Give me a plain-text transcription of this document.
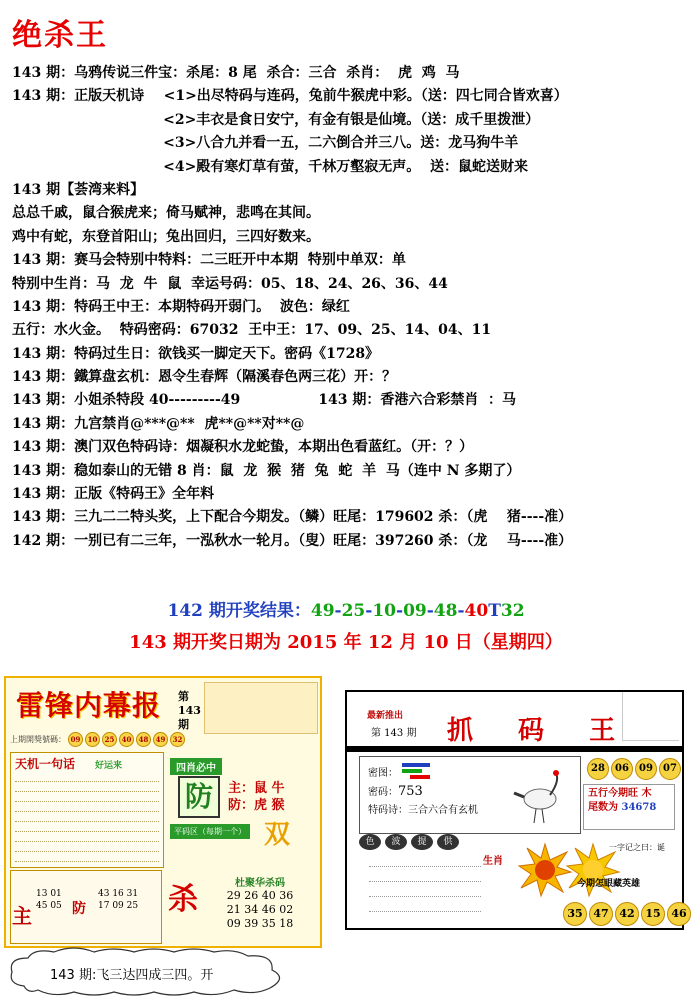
绝杀王
143 期：乌鸦传说三件宝：杀尾：8 尾  杀合：三合  杀肖：  虎  鸡  马
143 期：正版天机诗    <1>出尽特码与连码，兔前牛猴虎中彩。（送：四七同合皆欢喜）
<2>丰衣是食日安宁，有金有银是仙境。（送：成千里拨泄）
<3>八合九并看一五，二六倒合并三八。送：龙马狗牛羊
<4>殿有寒灯草有萤，千林万壑寂无声。  送：鼠蛇送财来
143 期【荟湾来料】
总总千戚，鼠合猴虎来；倚马赋神，悲鸣在其间。
鸡中有蛇，东登首阳山；兔出回归，三四好数来。
143 期：赛马会特别中特料：二三旺开中本期  特别中单双：单
特别中生肖：马  龙  牛  鼠  幸运号码：05、18、24、26、36、44
143 期：特码王中王：本期特码开弱门。  波色：绿红
五行：水火金。  特码密码：67032  王中王：17、09、25、14、04、11
143 期：特码过生日：欲钱买一脚定天下。密码《1728》
143 期：鐵算盘玄机：恩令生春辉（隔溪春色两三花）开：？
143 期：小姐杀特段 40---------49                143 期：香港六合彩禁肖  ：马
143 期：九宫禁肖@***@**  虎**@**对**@
143 期：澳门双色特码诗：烟凝积水龙蛇蛰，本期出色看蓝红。（开：？）
143 期：稳如泰山的无错 8 肖：鼠  龙  猴  猪  兔  蛇  羊  马（连中 N 多期了）
143 期：正版《特码王》全年料
143 期：三九二二特头奖，上下配合今期发。（鳞）旺尾：179602 杀：（虎    猪----准）
142 期：一别已有二三年，一泓秋水一轮月。（叟）旺尾：397260 杀：（龙    马----准）
142 期开奖结果：49-25-10-09-48-40T32
143 期开奖日期为 2015 年 12 月 10 日（星期四）
雷锋内幕报 第 143 期
上期開獎號碼： 09	10	25	40	48	49	32
天机一句话 好运来	四肖必中
防	主：鼠 牛
防：虎 猴
双
平码区（每期一个）
主
13 01
45 05 防
43 16 31
17 09 25 杀	杜聚华杀码
29 26 40 36
21 34 46 02
09 39 35 18
最新推出
第 143 期 抓 码 王
密图：
密码：753
特码诗：三合六合有玄机
28	06	09	07
五行今期旺 木
尾数为 34678
色	波	提	供
生肖
一字记之曰：诞
今期怎眼藏英雄
35 47 42 15 46
143 期:飞三达四成三四。开
